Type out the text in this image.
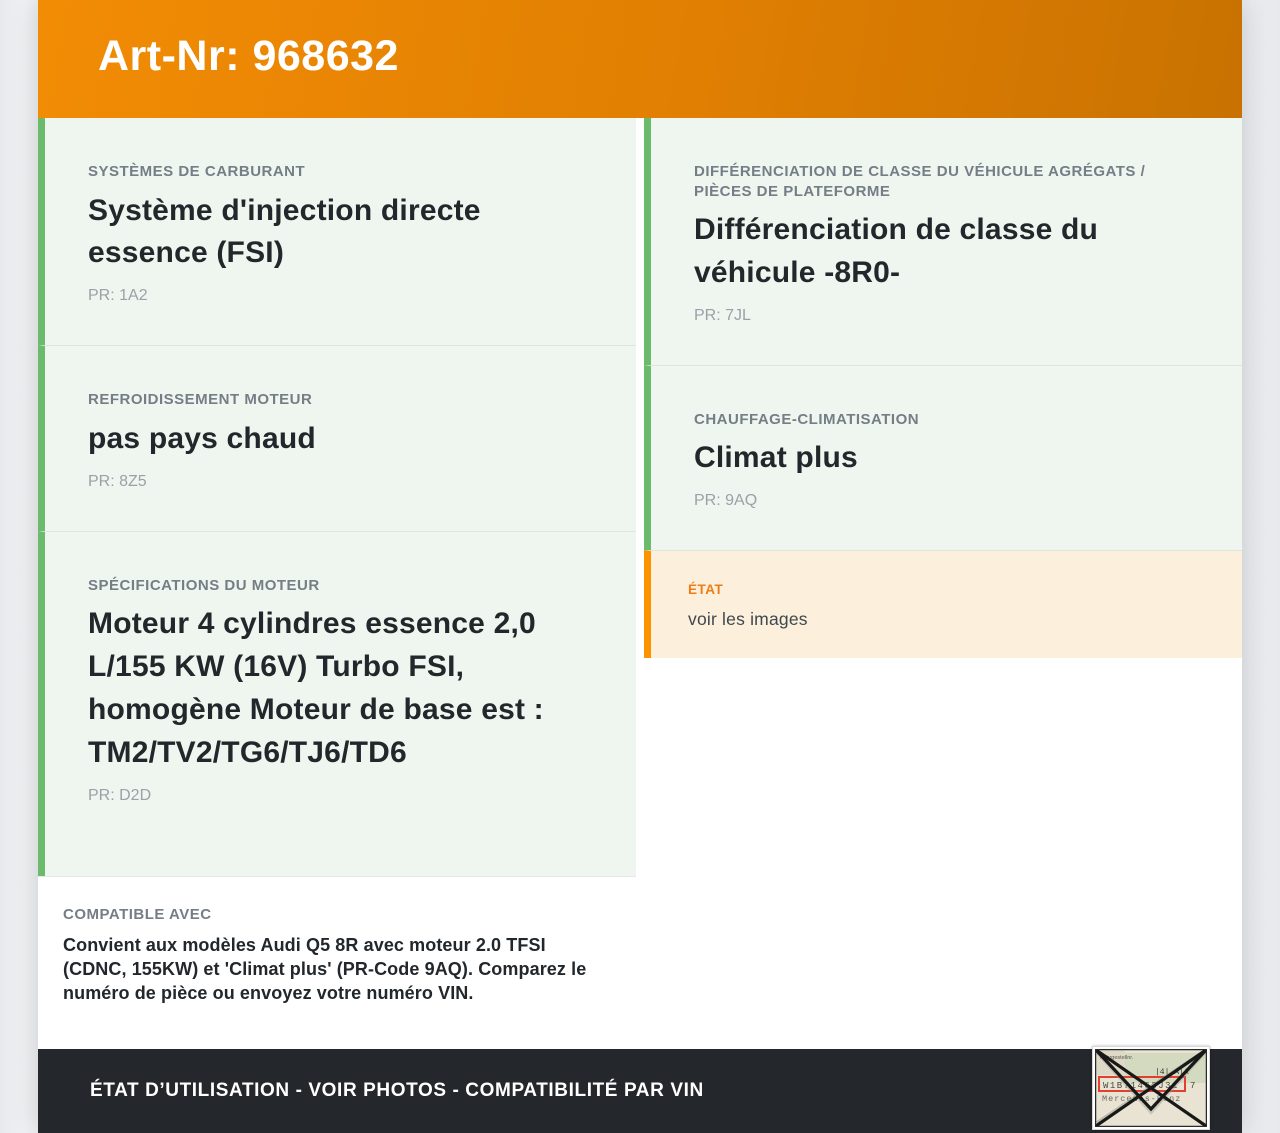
Art-Nr: 968632
SYSTÈMES DE CARBURANT
Système d'injection directe essence (FSI)
PR: 1A2
REFROIDISSEMENT MOTEUR
pas pays chaud
PR: 8Z5
SPÉCIFICATIONS DU MOTEUR
Moteur 4 cylindres essence 2,0 L/155 KW (16V) Turbo FSI, homogène Moteur de base est : TM2/TV2/TG6/TJ6/TD6
PR: D2D
COMPATIBLE AVEC
Convient aux modèles Audi Q5 8R avec moteur 2.0 TFSI (CDNC, 155KW) et 'Climat plus' (PR-Code 9AQ). Comparez le numéro de pièce ou envoyez votre numéro VIN.
DIFFÉRENCIATION DE CLASSE DU VÉHICULE AGRÉGATS / PIÈCES DE PLATEFORME
Différenciation de classe du véhicule -8R0-
PR: 7JL
CHAUFFAGE-CLIMATISATION
Climat plus
PR: 9AQ
ÉTAT
voir les images
ÉTAT D’UTILISATION - VOIR PHOTOS - COMPATIBILITÉ PAR VIN
Fahrgestellnr.
|4| A|A
W1B71463J31 7
Mercedes-Benz
